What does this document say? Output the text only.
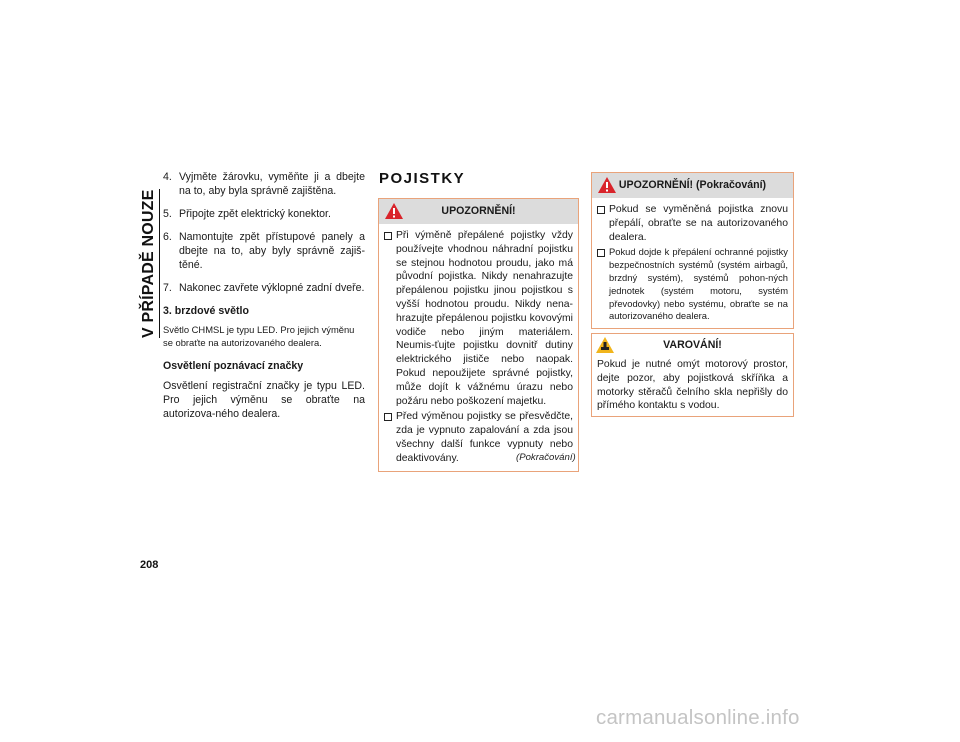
V PŘÍPADĚ NOUZE
208
4. Vyjměte žárovku, vyměňte ji a dbejte na to, aby byla správně zajištěna.
5. Připojte zpět elektrický konektor.
6. Namontujte zpět přístupové panely a dbejte na to, aby byly správně zajiš-těné.
7. Nakonec zavřete výklopné zadní dveře.
3. brzdové světlo
Světlo CHMSL je typu LED. Pro jejich výměnu se obraťte na autorizovaného dealera.
Osvětlení poznávací značky
Osvětlení registrační značky je typu LED. Pro jejich výměnu se obraťte na autorizova-ného dealera.
POJISTKY
UPOZORNĚNÍ!
Při výměně přepálené pojistky vždy používejte vhodnou náhradní pojistku se stejnou hodnotou proudu, jako má původní pojistka. Nikdy nenahrazujte přepálenou pojistku jinou pojistkou s vyšší hodnotou proudu. Nikdy nena-hrazujte přepálenou pojistku kovovými vodiče nebo jiným materiálem. Neumis-ťujte pojistku dovnitř dutiny elektrického jističe nebo naopak. Pokud nepoužijete správné pojistky, může dojít k vážnému úrazu nebo požáru nebo poškození majetku.
Před výměnou pojistky se přesvědčte, zda je vypnuto zapalování a zda jsou všechny další funkce vypnuty nebo deaktivovány.	(Pokračování)
UPOZORNĚNÍ! (Pokračování)
Pokud se vyměněná pojistka znovu přepálí, obraťte se na autorizovaného dealera.
Pokud dojde k přepálení ochranné pojistky bezpečnostních systémů (systém airbagů, brzdný systém), systémů pohon-ných jednotek (systém motoru, systém převodovky) nebo systému, obraťte se na autorizovaného dealera.
VAROVÁNÍ!
Pokud je nutné omýt motorový prostor, dejte pozor, aby pojistková skříňka a motorky stěračů čelního skla nepřišly do přímého kontaktu s vodou.
carmanualsonline.info
